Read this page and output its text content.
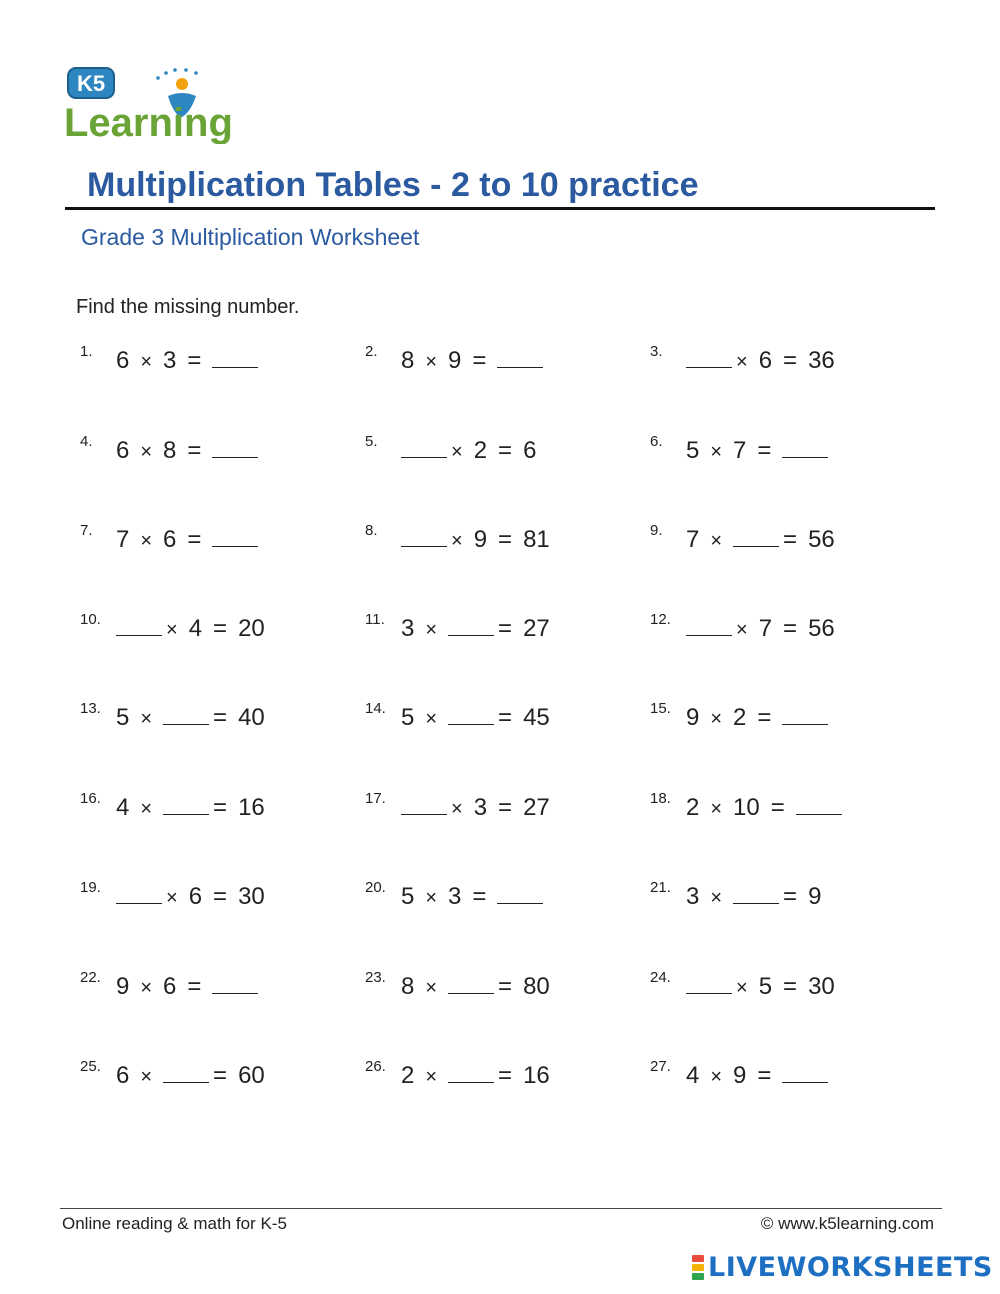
K5
Learning
Multiplication Tables - 2 to 10 practice
Grade 3 Multiplication Worksheet
Find the missing number.
1. 6 × 3 =	2. 8 × 9 =	3.	× 6 = 36
4. 6 × 8 =	5.	× 2 = 6	6. 5 × 7 =
7. 7 × 6 =	8.	× 9 = 81	9. 7 ×	= 56
10.	× 4 = 20	11. 3 ×	= 27	12.	× 7 = 56
13. 5 ×	= 40	14. 5 ×	= 45	15. 9 × 2 =
16. 4 ×	= 16	17.	× 3 = 27	18. 2 × 10 =
19.	× 6 = 30	20. 5 × 3 =	21. 3 ×	= 9
22. 9 × 6 =	23. 8 ×	= 80	24.	× 5 = 30
25. 6 ×	= 60	26. 2 ×	= 16	27. 4 × 9 =
Online reading & math for K-5	© www.k5learning.com
LIVEWORKSHEETS
